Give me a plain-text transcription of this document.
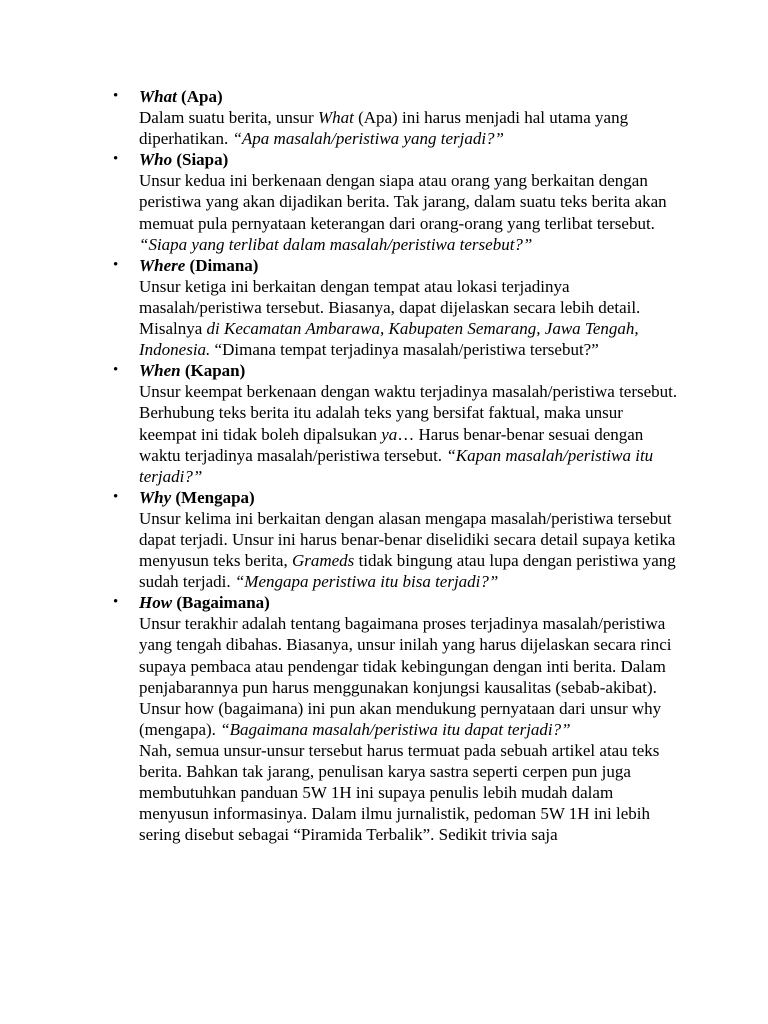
• What (Apa)

Dalam suatu berita, unsur What (Apa) ini harus menjadi hal utama yang diperhatikan. “Apa masalah/peristiwa yang terjadi?”

• Who (Siapa)

Unsur kedua ini berkenaan dengan siapa atau orang yang berkaitan dengan peristiwa yang akan dijadikan berita. Tak jarang, dalam suatu teks berita akan memuat pula pernyataan keterangan dari orang-orang yang terlibat tersebut. “Siapa yang terlibat dalam masalah/peristiwa tersebut?”

• Where (Dimana)

Unsur ketiga ini berkaitan dengan tempat atau lokasi terjadinya masalah/peristiwa tersebut. Biasanya, dapat dijelaskan secara lebih detail. Misalnya di Kecamatan Ambarawa, Kabupaten Semarang, Jawa Tengah, Indonesia. “Dimana tempat terjadinya masalah/peristiwa tersebut?”

• When (Kapan)

Unsur keempat berkenaan dengan waktu terjadinya masalah/peristiwa tersebut. Berhubung teks berita itu adalah teks yang bersifat faktual, maka unsur keempat ini tidak boleh dipalsukan ya… Harus benar-benar sesuai dengan waktu terjadinya masalah/peristiwa tersebut. “Kapan masalah/peristiwa itu terjadi?”

• Why (Mengapa)

Unsur kelima ini berkaitan dengan alasan mengapa masalah/peristiwa tersebut dapat terjadi. Unsur ini harus benar-benar diselidiki secara detail supaya ketika menyusun teks berita, Grameds tidak bingung atau lupa dengan peristiwa yang sudah terjadi. “Mengapa peristiwa itu bisa terjadi?”

• How (Bagaimana)

Unsur terakhir adalah tentang bagaimana proses terjadinya masalah/peristiwa yang tengah dibahas. Biasanya, unsur inilah yang harus dijelaskan secara rinci supaya pembaca atau pendengar tidak kebingungan dengan inti berita. Dalam penjabarannya pun harus menggunakan konjungsi kausalitas (sebab-akibat). Unsur how (bagaimana) ini pun akan mendukung pernyataan dari unsur why (mengapa). “Bagaimana masalah/peristiwa itu dapat terjadi?”

Nah, semua unsur-unsur tersebut harus termuat pada sebuah artikel atau teks berita. Bahkan tak jarang, penulisan karya sastra seperti cerpen pun juga membutuhkan panduan 5W 1H ini supaya penulis lebih mudah dalam menyusun informasinya. Dalam ilmu jurnalistik, pedoman 5W 1H ini lebih sering disebut sebagai “Piramida Terbalik”. Sedikit trivia saja
